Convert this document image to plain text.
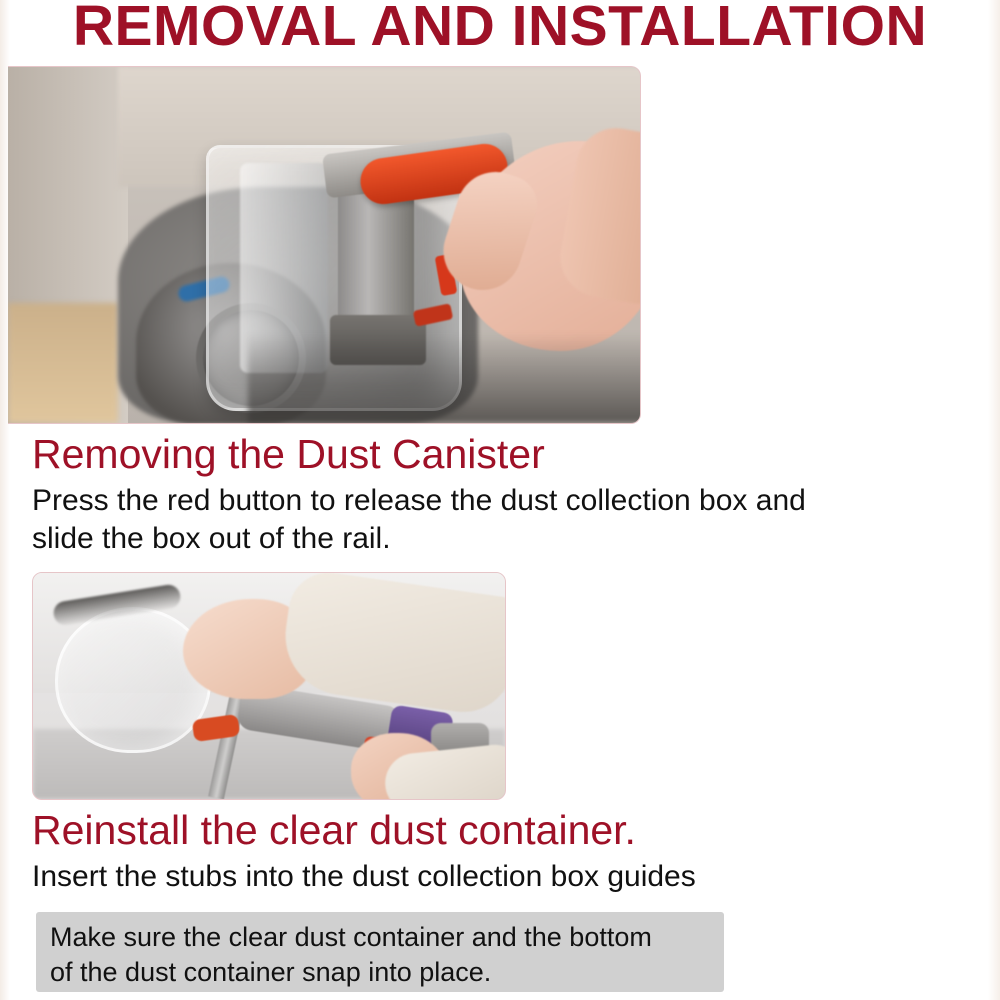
REMOVAL AND INSTALLATION
Removing the Dust Canister
Press the red button to release the dust collection box and slide the box out of the rail.
Reinstall the clear dust container.
Insert the stubs into the dust collection box guides
Make sure the clear dust container and the bottom
of the dust container snap into place.
